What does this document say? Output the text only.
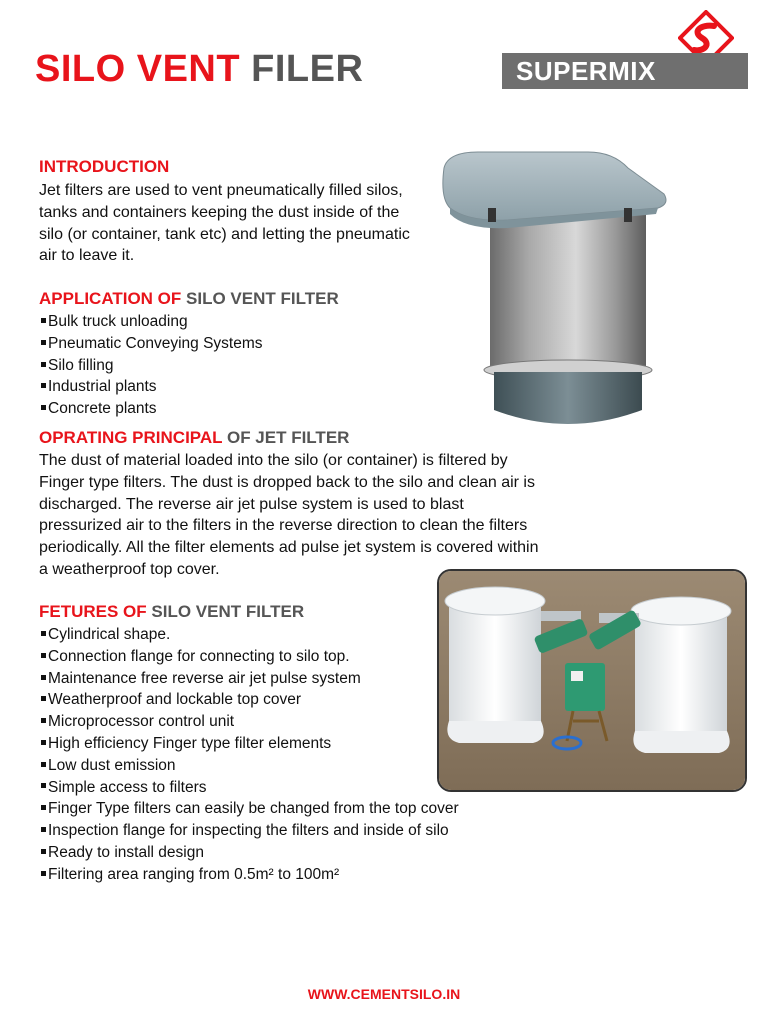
SILO VENT FILER	SUPERMIX
INTRODUCTION

Jet filters are used to vent pneumatically filled silos, tanks and containers keeping the dust inside of the silo (or container, tank etc) and letting the pneumatic air to leave it.

APPLICATION OF SILO VENT FILTER
Bulk truck unloading
Pneumatic Conveying Systems
Silo filling
Industrial plants
Concrete plants
OPRATING PRINCIPAL OF JET FILTER

The dust of material loaded into the silo (or container) is filtered by Finger type filters. The dust is dropped back to the silo and clean air is discharged. The reverse air jet pulse system is used to blast pressurized air to the filters in the reverse direction to clean the filters periodically. All the filter elements ad pulse jet system is covered within a weatherproof top cover.

FETURES OF SILO VENT FILTER
Cylindrical shape.
Connection flange for connecting to silo top.
Maintenance free reverse air jet pulse system
Weatherproof and lockable top cover
Microprocessor control unit
High efficiency Finger type filter elements
Low dust emission
Simple access to filters
Finger Type filters can easily be changed from the top cover
Inspection flange for inspecting the filters and inside of silo
Ready to install design
Filtering area ranging from 0.5m² to 100m²

WWW.CEMENTSILO.IN
